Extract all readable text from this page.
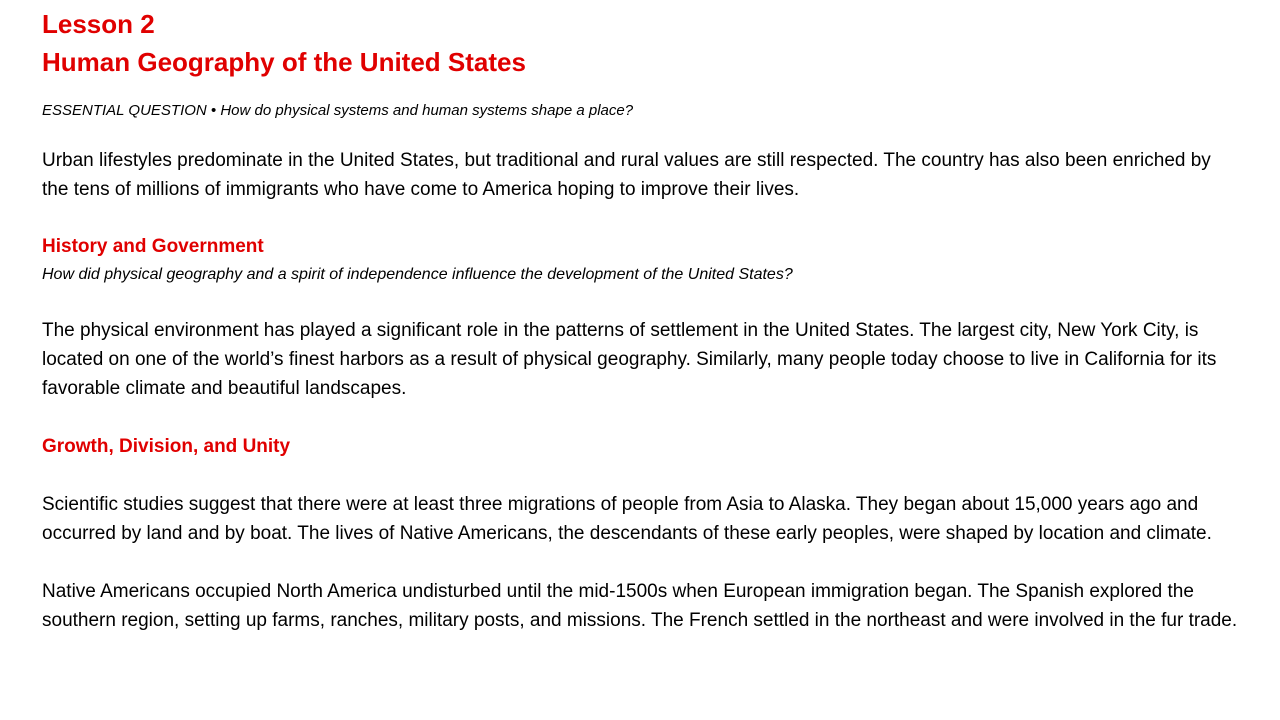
Lesson 2
Human Geography of the United States

ESSENTIAL QUESTION • How do physical systems and human systems shape a place?

Urban lifestyles predominate in the United States, but traditional and rural values are still respected. The country has also been enriched by the tens of millions of immigrants who have come to America hoping to improve their lives.

History and Government

How did physical geography and a spirit of independence influence the development of the United States?

The physical environment has played a significant role in the patterns of settlement in the United States. The largest city, New York City, is located on one of the world’s finest harbors as a result of physical geography. Similarly, many people today choose to live in California for its favorable climate and beautiful landscapes.

Growth, Division, and Unity

Scientific studies suggest that there were at least three migrations of people from Asia to Alaska. They began about 15,000 years ago and occurred by land and by boat. The lives of Native Americans, the descendants of these early peoples, were shaped by location and climate.

Native Americans occupied North America undisturbed until the mid-1500s when European immigration began. The Spanish explored the southern region, setting up farms, ranches, military posts, and missions. The French settled in the northeast and were involved in the fur trade.
